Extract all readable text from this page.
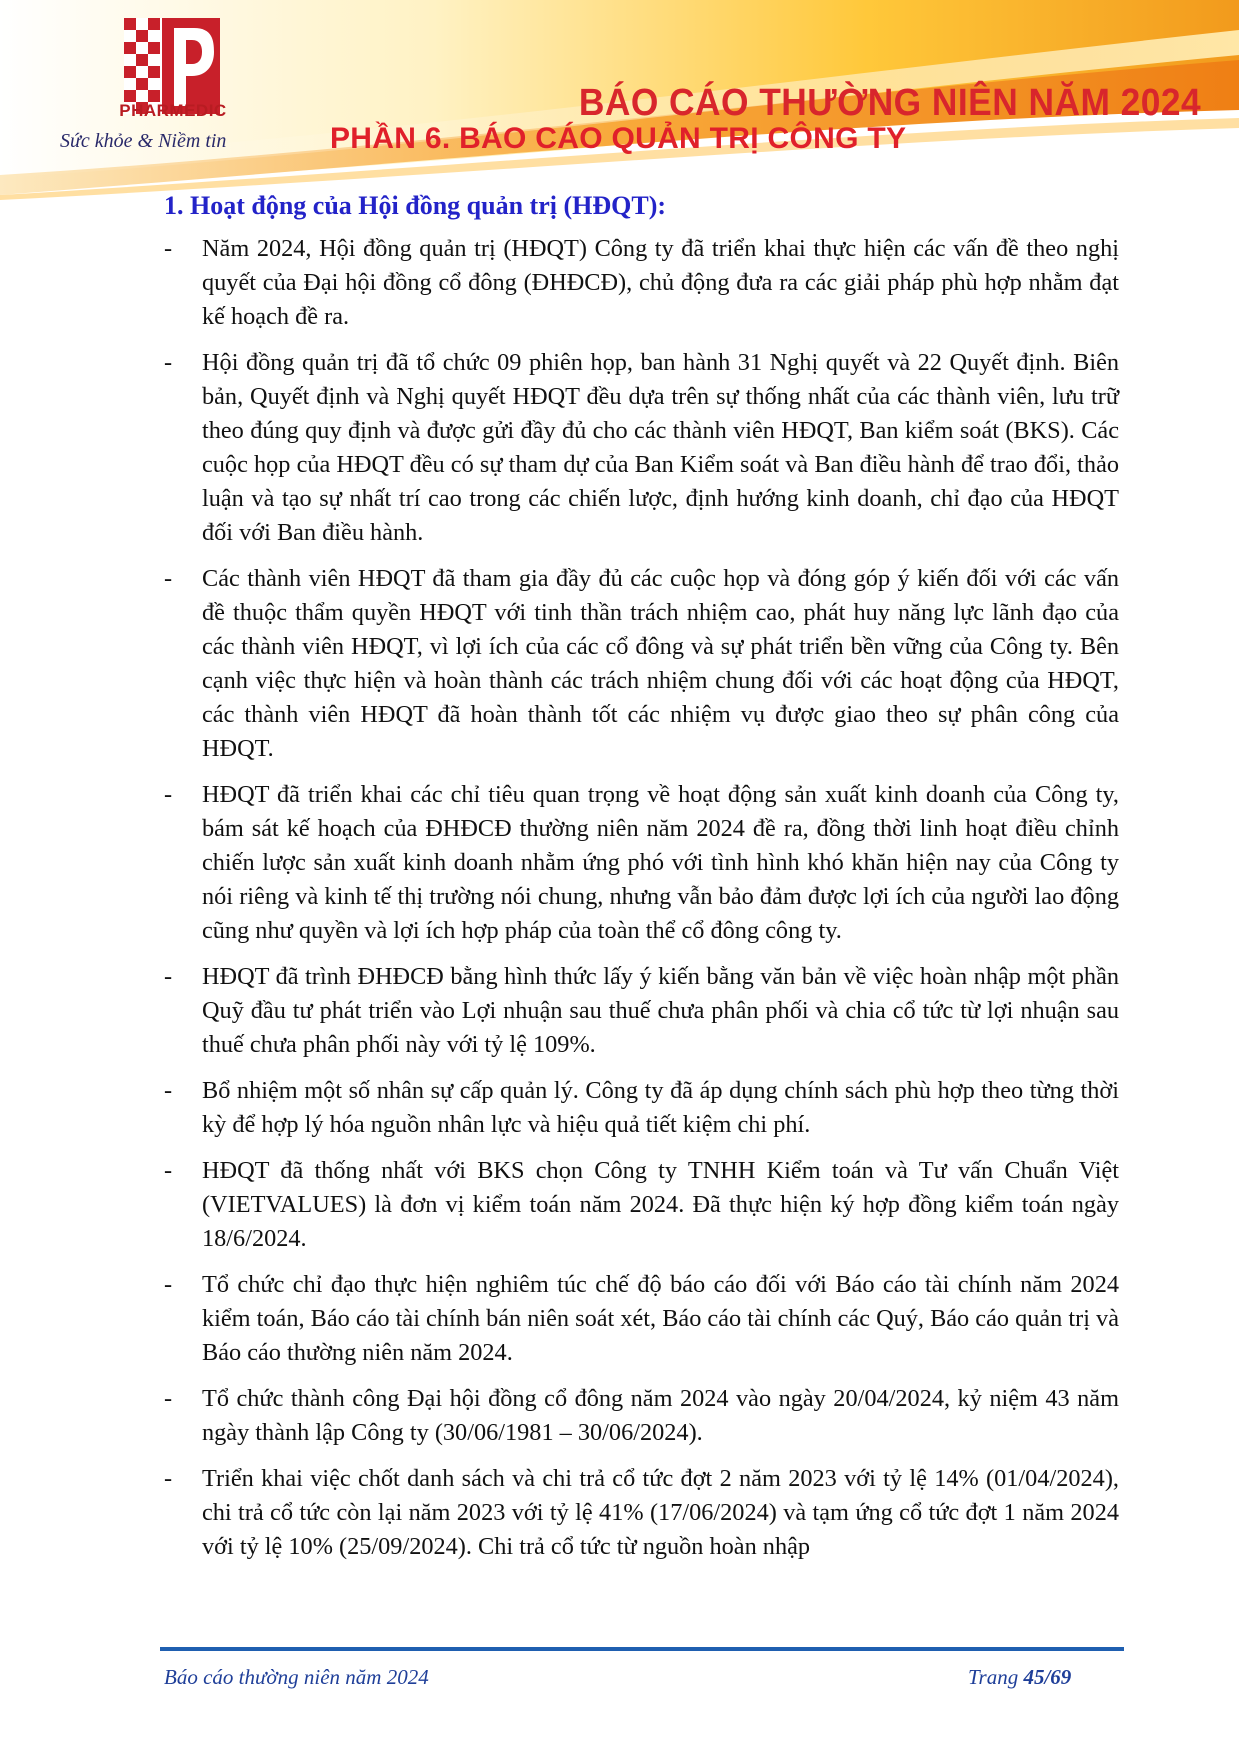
PHARMEDIC
Sức khỏe & Niềm tin
BÁO CÁO THƯỜNG NIÊN NĂM 2024
PHẦN 6. BÁO CÁO QUẢN TRỊ CÔNG TY
1. Hoạt động của Hội đồng quản trị (HĐQT):
- Năm 2024, Hội đồng quản trị (HĐQT) Công ty đã triển khai thực hiện các vấn đề theo nghị quyết của Đại hội đồng cổ đông (ĐHĐCĐ), chủ động đưa ra các giải pháp phù hợp nhằm đạt kế hoạch đề ra.
- Hội đồng quản trị đã tổ chức 09 phiên họp, ban hành 31 Nghị quyết và 22 Quyết định. Biên bản, Quyết định và Nghị quyết HĐQT đều dựa trên sự thống nhất của các thành viên, lưu trữ theo đúng quy định và được gửi đầy đủ cho các thành viên HĐQT, Ban kiểm soát (BKS). Các cuộc họp của HĐQT đều có sự tham dự của Ban Kiểm soát và Ban điều hành để trao đổi, thảo luận và tạo sự nhất trí cao trong các chiến lược, định hướng kinh doanh, chỉ đạo của HĐQT đối với Ban điều hành.
- Các thành viên HĐQT đã tham gia đầy đủ các cuộc họp và đóng góp ý kiến đối với các vấn đề thuộc thẩm quyền HĐQT với tinh thần trách nhiệm cao, phát huy năng lực lãnh đạo của các thành viên HĐQT, vì lợi ích của các cổ đông và sự phát triển bền vững của Công ty. Bên cạnh việc thực hiện và hoàn thành các trách nhiệm chung đối với các hoạt động của HĐQT, các thành viên HĐQT đã hoàn thành tốt các nhiệm vụ được giao theo sự phân công của HĐQT.
- HĐQT đã triển khai các chỉ tiêu quan trọng về hoạt động sản xuất kinh doanh của Công ty, bám sát kế hoạch của ĐHĐCĐ thường niên năm 2024 đề ra, đồng thời linh hoạt điều chỉnh chiến lược sản xuất kinh doanh nhằm ứng phó với tình hình khó khăn hiện nay của Công ty nói riêng và kinh tế thị trường nói chung, nhưng vẫn bảo đảm được lợi ích của người lao động cũng như quyền và lợi ích hợp pháp của toàn thể cổ đông công ty.
- HĐQT đã trình ĐHĐCĐ bằng hình thức lấy ý kiến bằng văn bản về việc hoàn nhập một phần Quỹ đầu tư phát triển vào Lợi nhuận sau thuế chưa phân phối và chia cổ tức từ lợi nhuận sau thuế chưa phân phối này với tỷ lệ 109%.
- Bổ nhiệm một số nhân sự cấp quản lý. Công ty đã áp dụng chính sách phù hợp theo từng thời kỳ để hợp lý hóa nguồn nhân lực và hiệu quả tiết kiệm chi phí.
- HĐQT đã thống nhất với BKS chọn Công ty TNHH Kiểm toán và Tư vấn Chuẩn Việt (VIETVALUES) là đơn vị kiểm toán năm 2024. Đã thực hiện ký hợp đồng kiểm toán ngày 18/6/2024.
- Tổ chức chỉ đạo thực hiện nghiêm túc chế độ báo cáo đối với Báo cáo tài chính năm 2024 kiểm toán, Báo cáo tài chính bán niên soát xét, Báo cáo tài chính các Quý, Báo cáo quản trị và Báo cáo thường niên năm 2024.
- Tổ chức thành công Đại hội đồng cổ đông năm 2024 vào ngày 20/04/2024, kỷ niệm 43 năm ngày thành lập Công ty (30/06/1981 – 30/06/2024).
- Triển khai việc chốt danh sách và chi trả cổ tức đợt 2 năm 2023 với tỷ lệ 14% (01/04/2024), chi trả cổ tức còn lại năm 2023 với tỷ lệ 41% (17/06/2024) và tạm ứng cổ tức đợt 1 năm 2024 với tỷ lệ 10% (25/09/2024). Chi trả cổ tức từ nguồn hoàn nhập
Báo cáo thường niên năm 2024	Trang 45/69
